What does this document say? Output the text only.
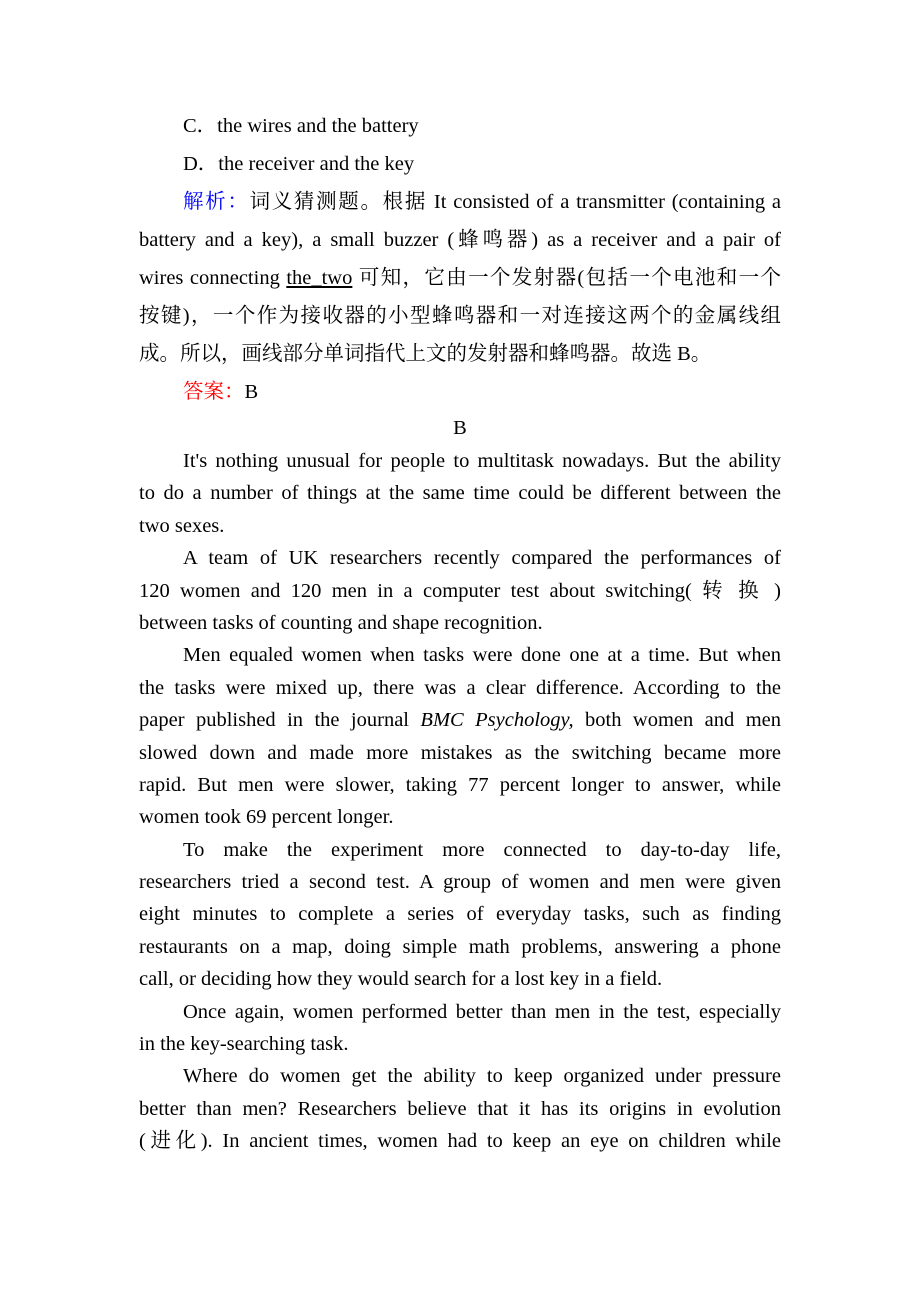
C．the wires and the battery
D．the receiver and the key
解析：词义猜测题。根据 It consisted of a transmitter (containing a
battery and a key), a small buzzer (蜂鸣器) as a receiver and a pair of
wires connecting the_two 可知，它由一个发射器(包括一个电池和一个
按键)，一个作为接收器的小型蜂鸣器和一对连接这两个的金属线组
成。所以，画线部分单词指代上文的发射器和蜂鸣器。故选 B。
答案：B
B
It's nothing unusual for people to multitask nowadays. But the ability
to do a number of things at the same time could be different between the
two sexes.
A team of UK researchers recently compared the performances of
120 women and 120 men in a computer test about switching( 转 换 )
between tasks of counting and shape recognition.
Men equaled women when tasks were done one at a time. But when
the tasks were mixed up, there was a clear difference. According to the
paper published in the journal BMC Psychology, both women and men
slowed down and made more mistakes as the switching became more
rapid. But men were slower, taking 77 percent longer to answer, while
women took 69 percent longer.
To make the experiment more connected to day-to-day life,
researchers tried a second test. A group of women and men were given
eight minutes to complete a series of everyday tasks, such as finding
restaurants on a map, doing simple math problems, answering a phone
call, or deciding how they would search for a lost key in a field.
Once again, women performed better than men in the test, especially
in the key-searching task.
Where do women get the ability to keep organized under pressure
better than men? Researchers believe that it has its origins in evolution
(进化). In ancient times, women had to keep an eye on children while
